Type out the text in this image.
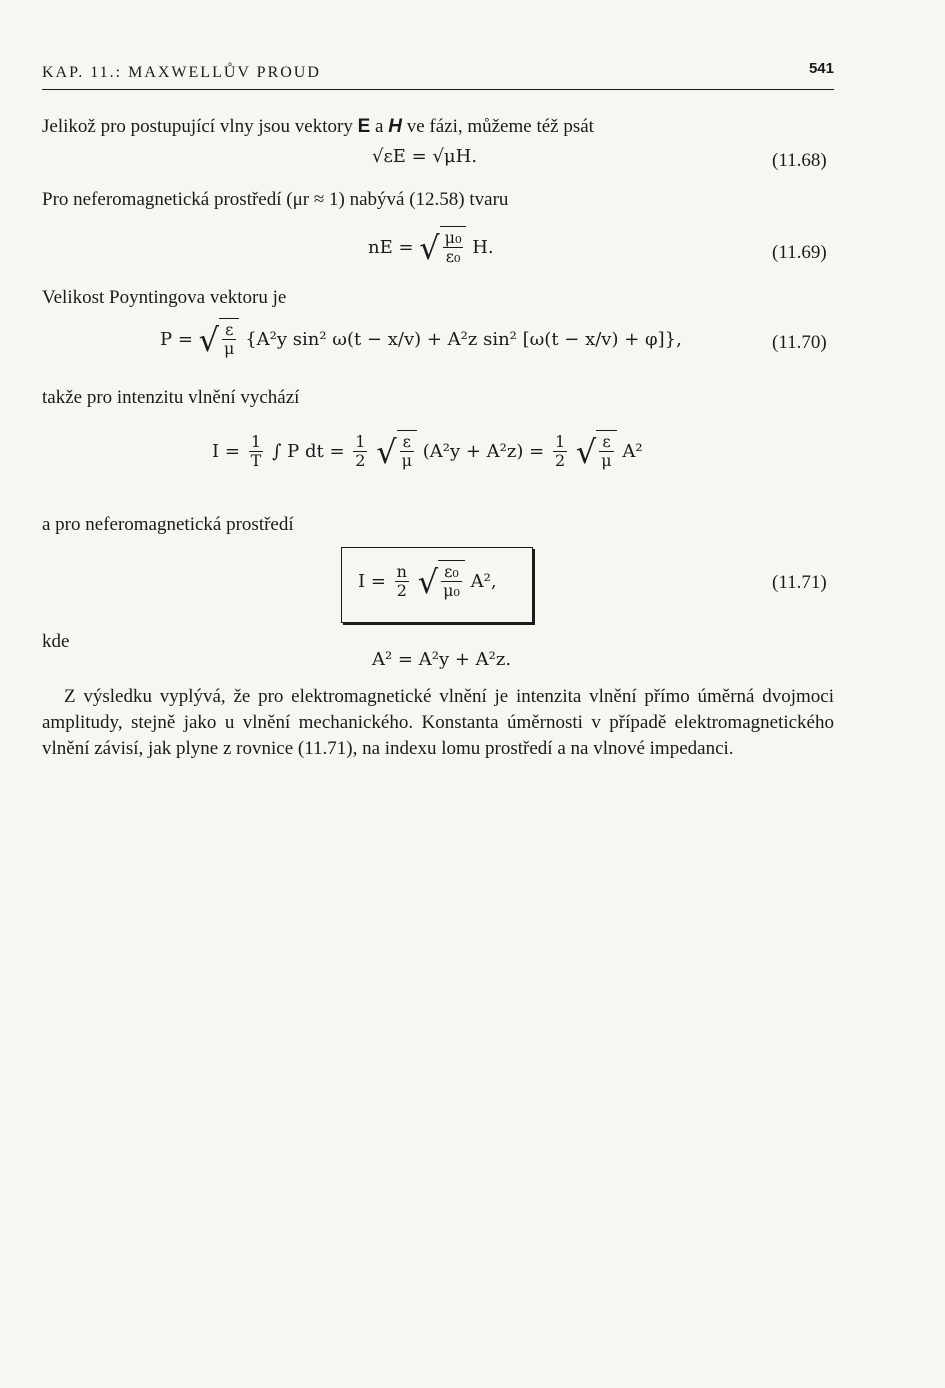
KAP. 11.: MAXWELLŮV PROUD	541
Jelikož pro postupující vlny jsou vektory E a H ve fázi, můžeme též psát
√εE = √μH.	(11.68)
Pro neferomagnetická prostředí (μr ≈ 1) nabývá (12.58) tvaru
nE = √ $\frac{\text{μ₀}}{\text{ε₀}} H$.	(11.69)
Velikost Poyntingova vektoru je
P = √ $\frac{\varepsilon}{\mu} \{A^2y$ sin² ω(t − x/v) + A²z sin² [ω(t − x/v) + φ]},	(11.70)
takže pro intenzitu vlnění vychází
$I = \frac{1}{T}$ ∫ P dt = $\frac{1}{2}$ √ $\frac{\varepsilon}{\mu} (A^2y + A^2z) = \frac{1}{2}$ √ $\frac{\varepsilon}{\mu} A^2$
a pro neferomagnetická prostředí
$I = \frac{n}{2}$ √ $\frac{\text{ε₀}}{\text{μ₀}} A^2$,	(11.71)
kde
A² = A²y + A²z.
Z výsledku vyplývá, že pro elektromagnetické vlnění je intenzita vlnění přímo úměrná dvojmoci amplitudy, stejně jako u vlnění mechanického. Konstanta úměrnosti v případě elektromagnetického vlnění závisí, jak plyne z rovnice (11.71), na indexu lomu prostředí a na vlnové impedanci.
